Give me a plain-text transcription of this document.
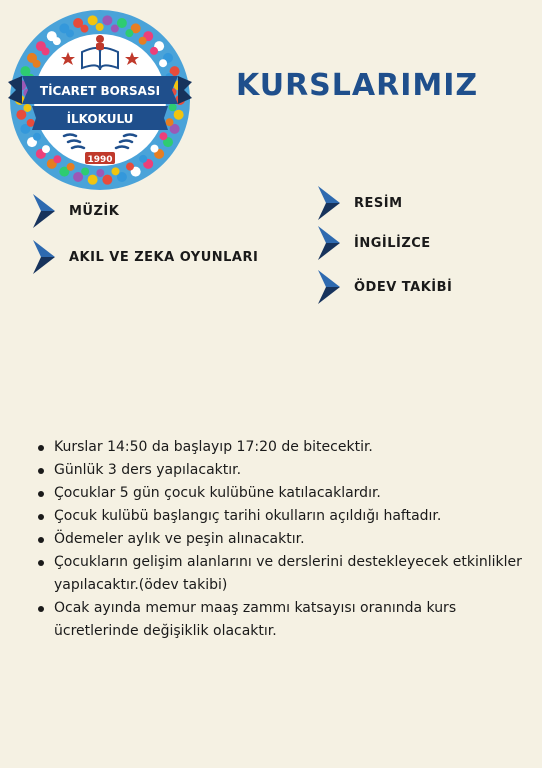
TİCARET BORSASI
İLKOKULU
1990
KURSLARIMIZ
MÜZİK
AKIL VE ZEKA OYUNLARI
RESİM
İNGİLİZCE
ÖDEV TAKİBİ
Kurslar 14:50 da başlayıp 17:20 de bitecektir.
Günlük 3 ders yapılacaktır.
Çocuklar 5 gün çocuk kulübüne katılacaklardır.
Çocuk kulübü başlangıç tarihi okulların açıldığı haftadır.
Ödemeler aylık ve peşin alınacaktır.
Çocukların gelişim alanlarını ve derslerini destekleyecek etkinlikler yapılacaktır.(ödev takibi)
Ocak ayında memur maaş zammı katsayısı oranında kurs ücretlerinde değişiklik olacaktır.
